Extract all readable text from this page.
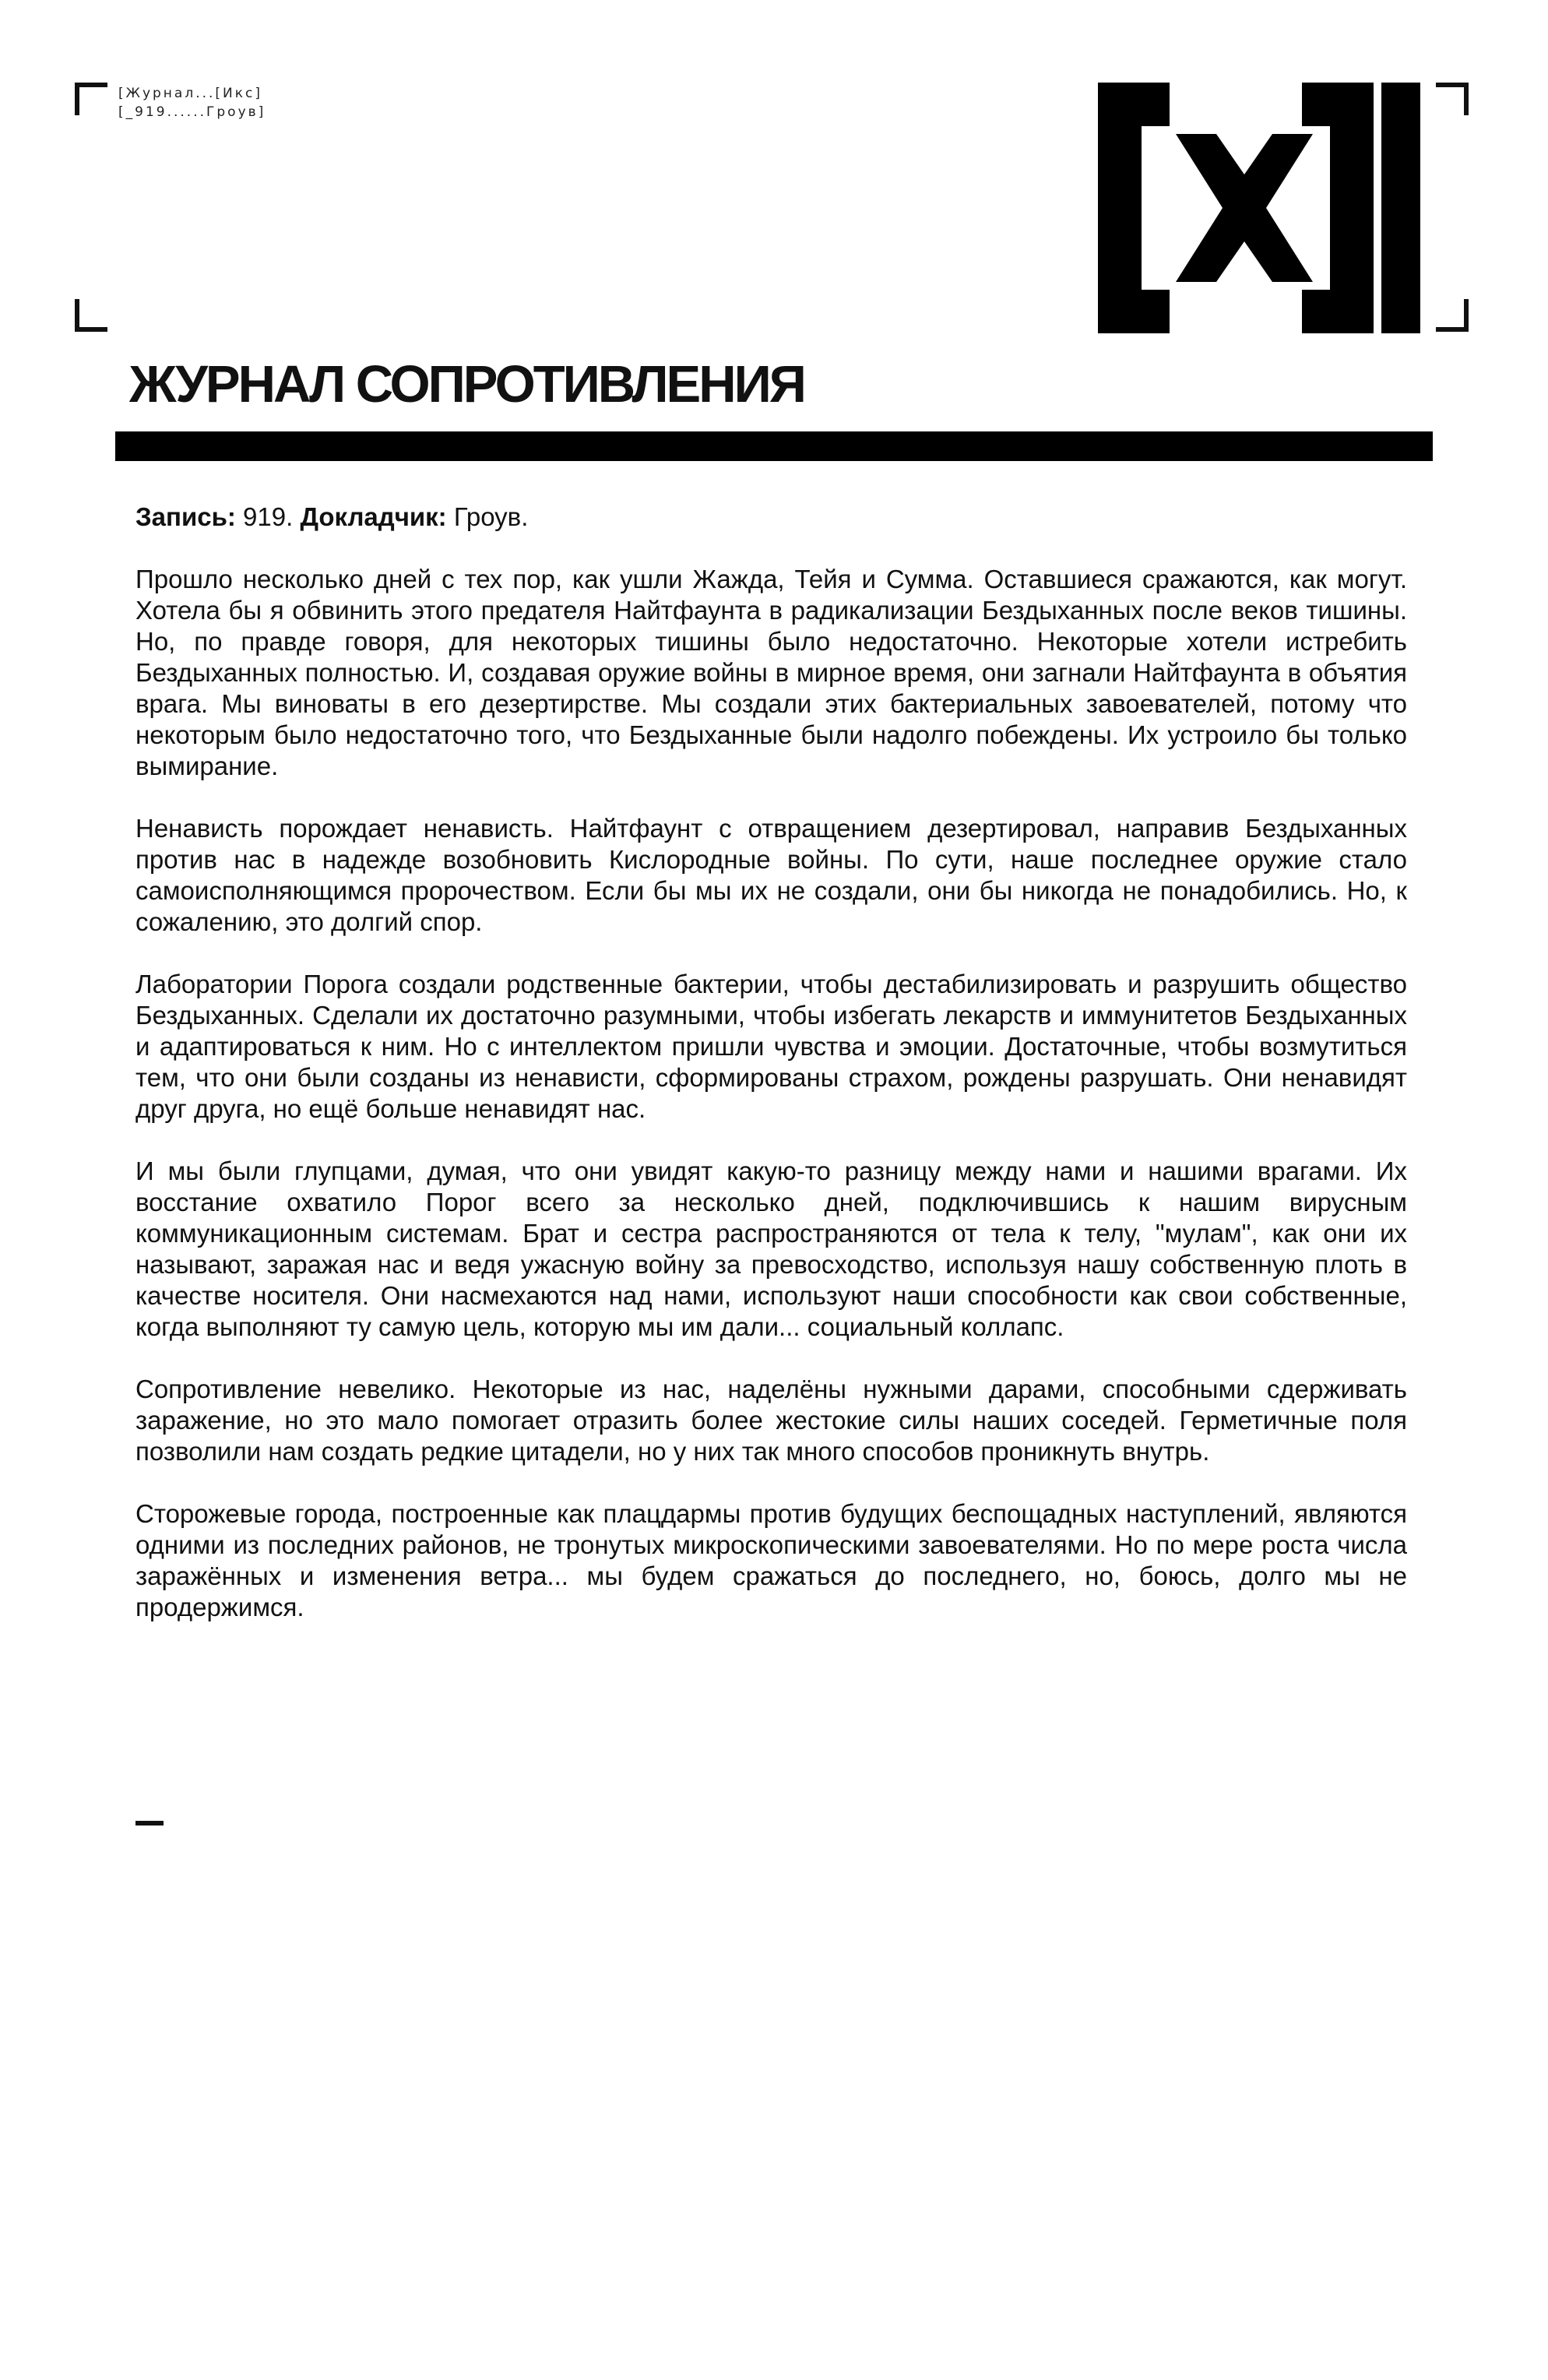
[Журнал...[Икс]
[_919......Гроув]
ЖУРНАЛ СОПРОТИВЛЕНИЯ

Запись: 919. Докладчик: Гроув.

Прошло несколько дней с тех пор, как ушли Жажда, Тейя и Сумма. Оставшиеся сражаются, как могут. Хотела бы я обвинить этого предателя Найтфаунта в радикализации Бездыханных после веков тишины. Но, по правде говоря, для некоторых тишины было недостаточно. Некоторые хотели истребить Бездыханных полностью. И, создавая оружие войны в мирное время, они загнали Найтфаунта в объятия врага. Мы виноваты в его дезертирстве. Мы создали этих бактериальных завоевателей, потому что некоторым было недостаточно того, что Бездыханные были надолго побеждены. Их устроило бы только вымирание.

Ненависть порождает ненависть. Найтфаунт с отвращением дезертировал, направив Бездыханных против нас в надежде возобновить Кислородные войны. По сути, наше последнее оружие стало самоисполняющимся пророчеством. Если бы мы их не создали, они бы никогда не понадобились. Но, к сожалению, это долгий спор.

Лаборатории Порога создали родственные бактерии, чтобы дестабилизировать и разрушить общество Бездыханных. Сделали их достаточно разумными, чтобы избегать лекарств и иммунитетов Бездыханных и адаптироваться к ним. Но с интеллектом пришли чувства и эмоции. Достаточные, чтобы возмутиться тем, что они были созданы из ненависти, сформированы страхом, рождены разрушать. Они ненавидят друг друга, но ещё больше ненавидят нас.

И мы были глупцами, думая, что они увидят какую-то разницу между нами и нашими врагами. Их восстание охватило Порог всего за несколько дней, подключившись к нашим вирусным коммуникационным системам. Брат и сестра распространяются от тела к телу, "мулам", как они их называют, заражая нас и ведя ужасную войну за превосходство, используя нашу собственную плоть в качестве носителя. Они насмехаются над нами, используют наши способности как свои собственные, когда выполняют ту самую цель, которую мы им дали... социальный коллапс.

Сопротивление невелико. Некоторые из нас, наделёны нужными дарами, способными сдерживать заражение, но это мало помогает отразить более жестокие силы наших соседей. Герметичные поля позволили нам создать редкие цитадели, но у них так много способов проникнуть внутрь.

Сторожевые города, построенные как плацдармы против будущих беспощадных наступлений, являются одними из последних районов, не тронутых микроскопическими завоевателями. Но по мере роста числа заражённых и изменения ветра... мы будем сражаться до последнего, но, боюсь, долго мы не продержимся.
